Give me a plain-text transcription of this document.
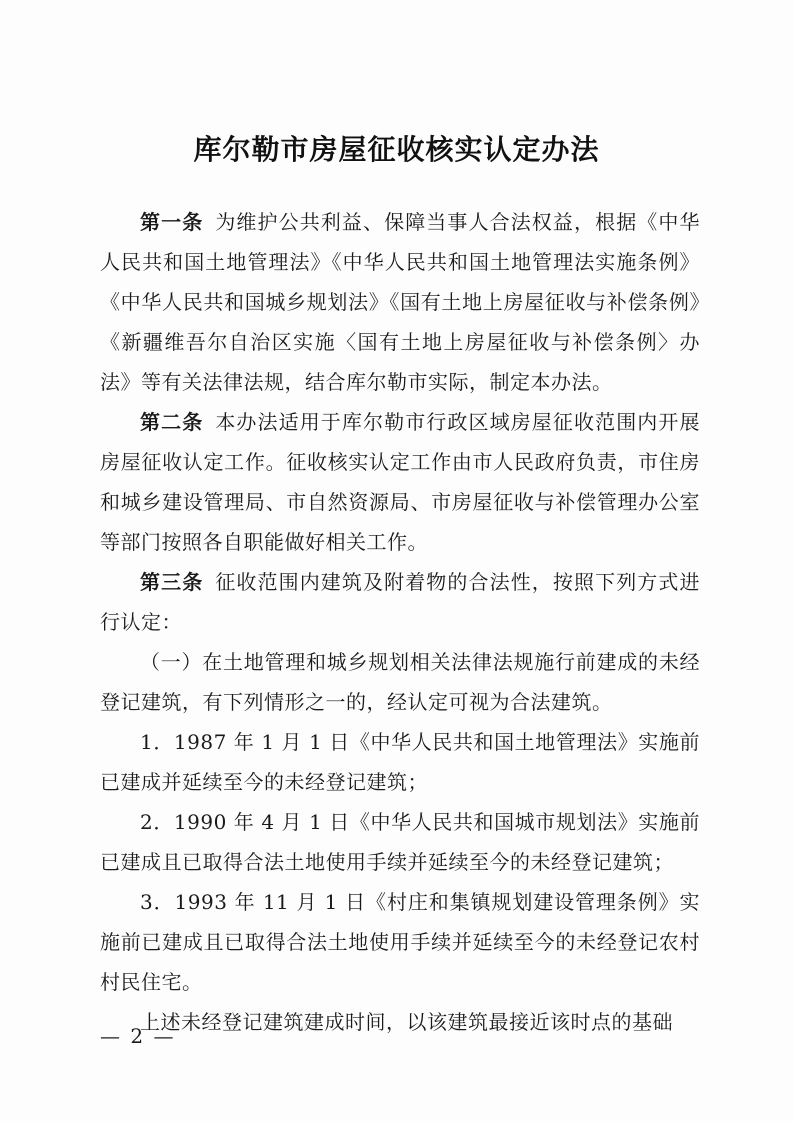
库尔勒市房屋征收核实认定办法

第一条 为维护公共利益、保障当事人合法权益，根据《中华人民共和国土地管理法》《中华人民共和国土地管理法实施条例》《中华人民共和国城乡规划法》《国有土地上房屋征收与补偿条例》《新疆维吾尔自治区实施〈国有土地上房屋征收与补偿条例〉办法》等有关法律法规，结合库尔勒市实际，制定本办法。

第二条 本办法适用于库尔勒市行政区域房屋征收范围内开展房屋征收认定工作。征收核实认定工作由市人民政府负责，市住房和城乡建设管理局、市自然资源局、市房屋征收与补偿管理办公室等部门按照各自职能做好相关工作。

第三条 征收范围内建筑及附着物的合法性，按照下列方式进行认定：

（一）在土地管理和城乡规划相关法律法规施行前建成的未经登记建筑，有下列情形之一的，经认定可视为合法建筑。

1．1987 年 1 月 1 日《中华人民共和国土地管理法》实施前已建成并延续至今的未经登记建筑；

2．1990 年 4 月 1 日《中华人民共和国城市规划法》实施前已建成且已取得合法土地使用手续并延续至今的未经登记建筑；

3．1993 年 11 月 1 日《村庄和集镇规划建设管理条例》实施前已建成且已取得合法土地使用手续并延续至今的未经登记农村村民住宅。

上述未经登记建筑建成时间，以该建筑最接近该时点的基础

— 2 —
